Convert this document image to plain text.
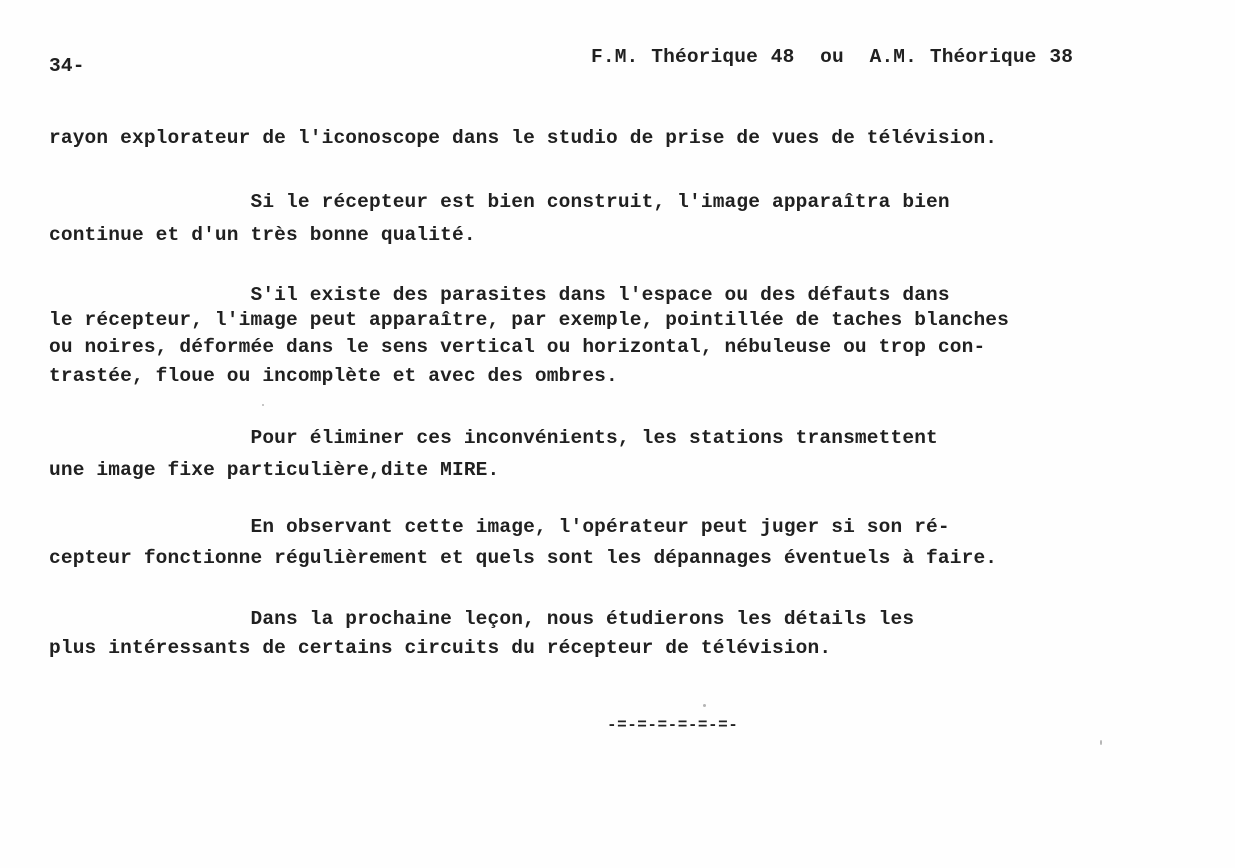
34-	F.M. Théorique 48  ou  A.M. Théorique 38
rayon explorateur de l'iconoscope dans le studio de prise de vues de télévision.
Si le récepteur est bien construit, l'image apparaîtra bien
continue et d'un très bonne qualité.
S'il existe des parasites dans l'espace ou des défauts dans
le récepteur, l'image peut apparaître, par exemple, pointillée de taches blanches
ou noires, déformée dans le sens vertical ou horizontal, nébuleuse ou trop con-
trastée, floue ou incomplète et avec des ombres.
Pour éliminer ces inconvénients, les stations transmettent
une image fixe particulière,dite MIRE.
En observant cette image, l'opérateur peut juger si son ré-
cepteur fonctionne régulièrement et quels sont les dépannages éventuels à faire.
Dans la prochaine leçon, nous étudierons les détails les
plus intéressants de certains circuits du récepteur de télévision.
-=-=-=-=-=-=-
